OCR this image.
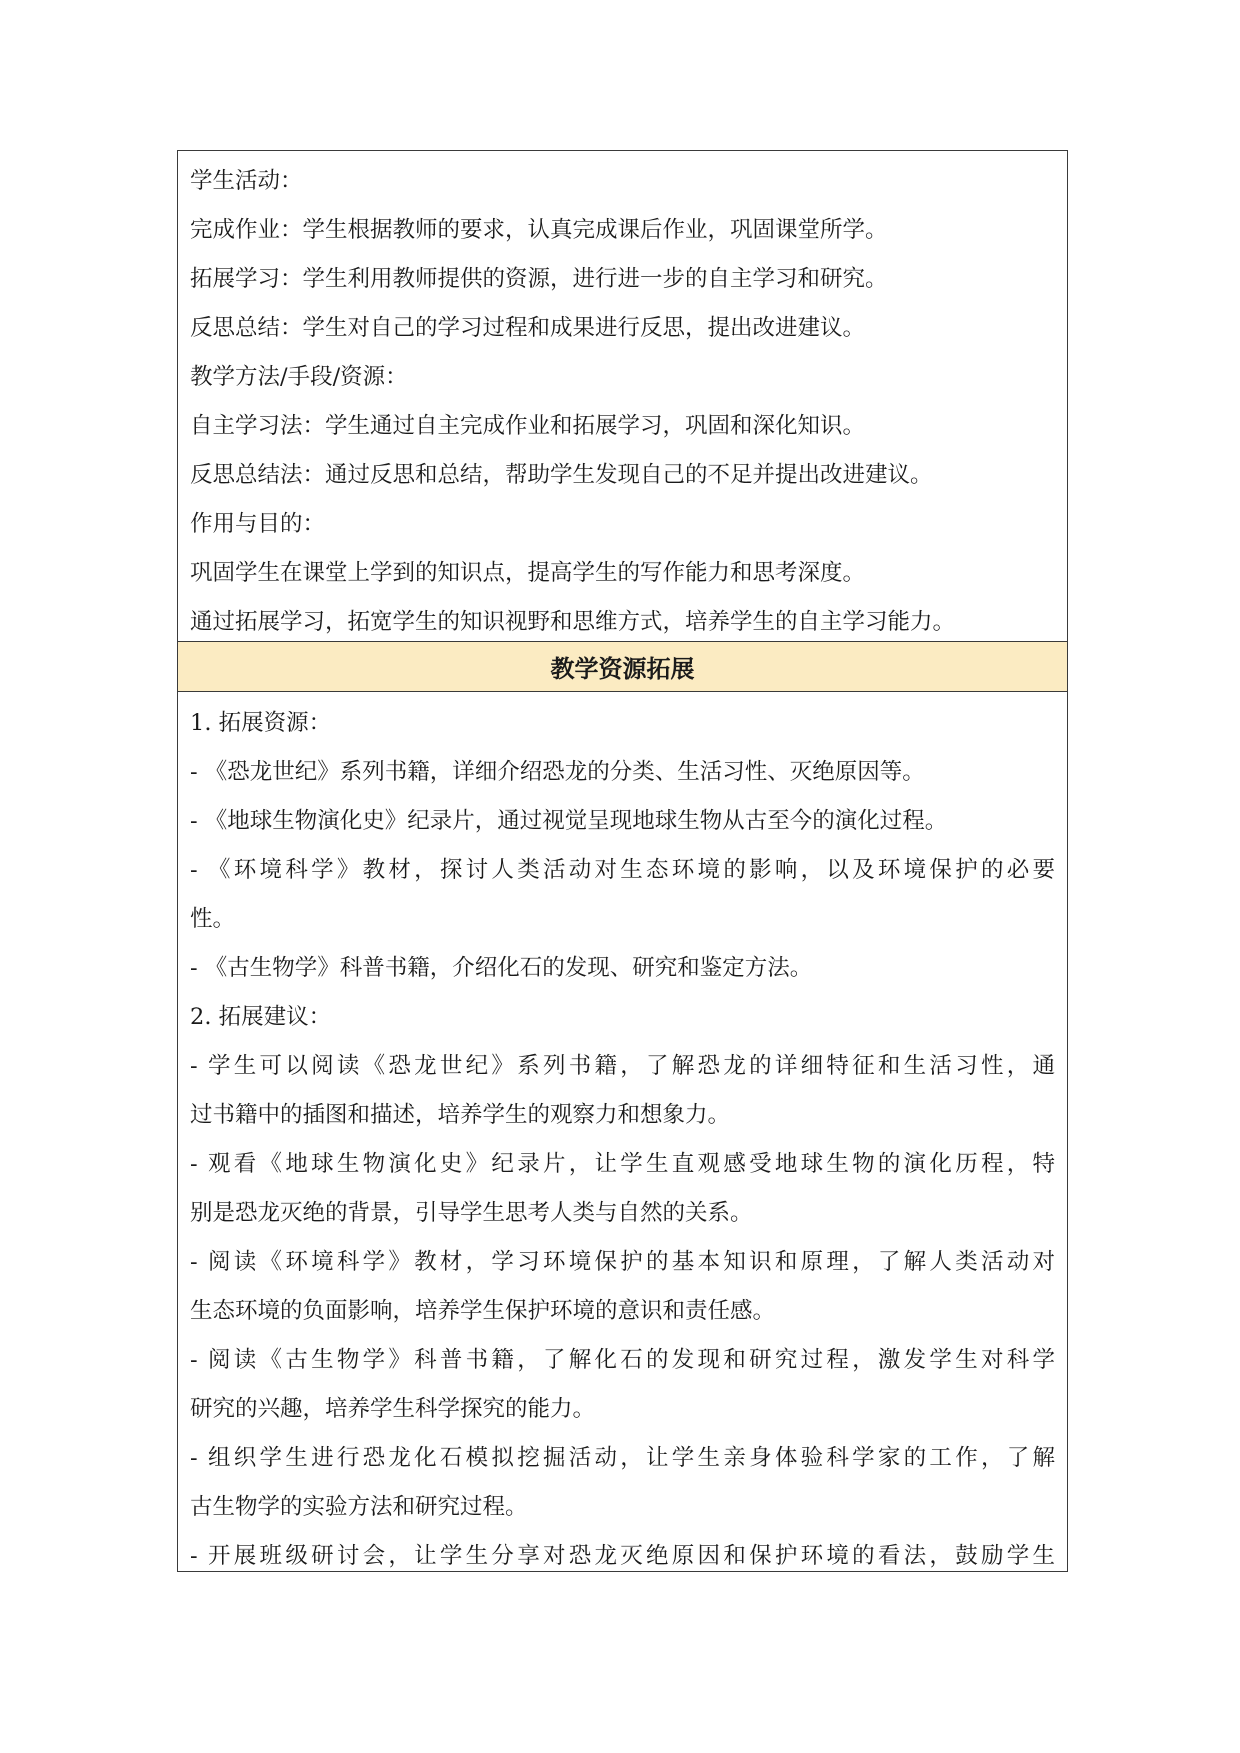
学生活动：
完成作业：学生根据教师的要求，认真完成课后作业，巩固课堂所学。
拓展学习：学生利用教师提供的资源，进行进一步的自主学习和研究。
反思总结：学生对自己的学习过程和成果进行反思，提出改进建议。
教学方法/手段/资源：
自主学习法：学生通过自主完成作业和拓展学习，巩固和深化知识。
反思总结法：通过反思和总结，帮助学生发现自己的不足并提出改进建议。
作用与目的：
巩固学生在课堂上学到的知识点，提高学生的写作能力和思考深度。
通过拓展学习，拓宽学生的知识视野和思维方式，培养学生的自主学习能力。
教学资源拓展
1. 拓展资源：
- 《恐龙世纪》系列书籍，详细介绍恐龙的分类、生活习性、灭绝原因等。
- 《地球生物演化史》纪录片，通过视觉呈现地球生物从古至今的演化过程。
- 《环境科学》教材，探讨人类活动对生态环境的影响，以及环境保护的必要
性。
- 《古生物学》科普书籍，介绍化石的发现、研究和鉴定方法。
2. 拓展建议：
- 学生可以阅读《恐龙世纪》系列书籍，了解恐龙的详细特征和生活习性，通
过书籍中的插图和描述，培养学生的观察力和想象力。
- 观看《地球生物演化史》纪录片，让学生直观感受地球生物的演化历程，特
别是恐龙灭绝的背景，引导学生思考人类与自然的关系。
- 阅读《环境科学》教材，学习环境保护的基本知识和原理，了解人类活动对
生态环境的负面影响，培养学生保护环境的意识和责任感。
- 阅读《古生物学》科普书籍，了解化石的发现和研究过程，激发学生对科学
研究的兴趣，培养学生科学探究的能力。
- 组织学生进行恐龙化石模拟挖掘活动，让学生亲身体验科学家的工作，了解
古生物学的实验方法和研究过程。
- 开展班级研讨会，让学生分享对恐龙灭绝原因和保护环境的看法，鼓励学生
